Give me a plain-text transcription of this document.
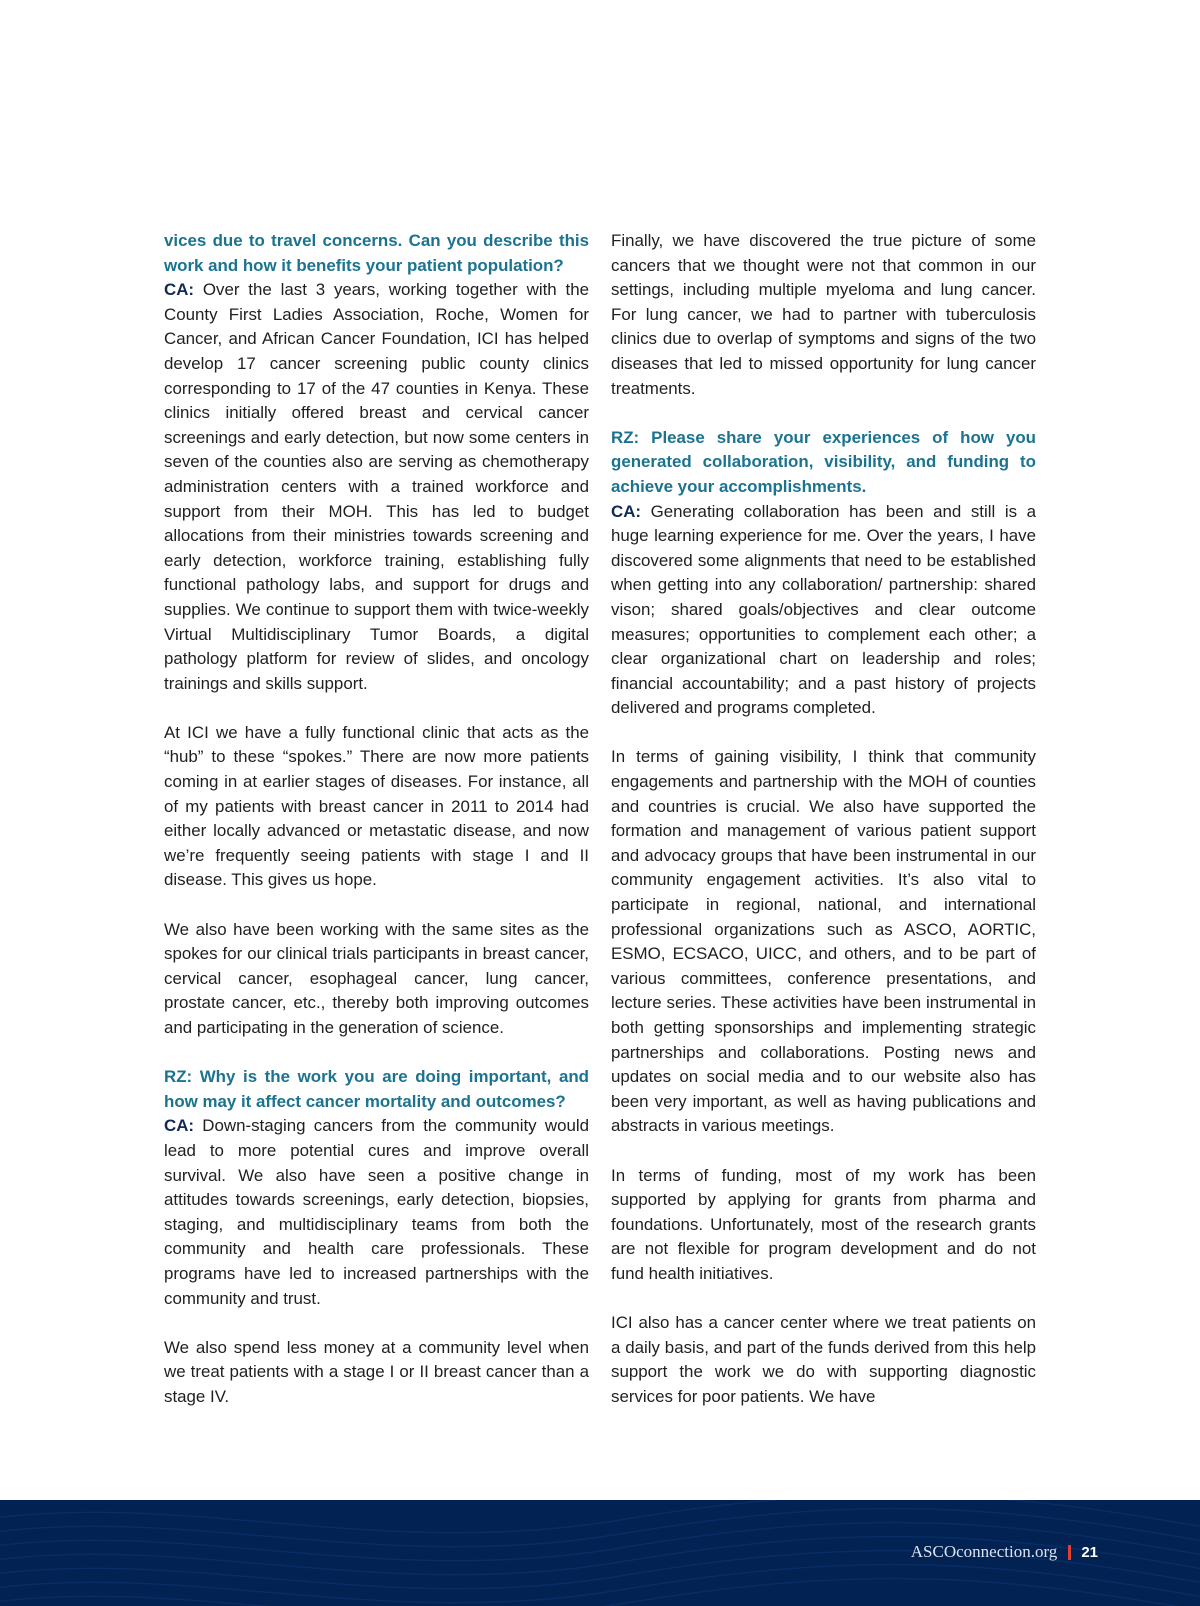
vices due to travel concerns. Can you describe this work and how it benefits your patient population?
CA: Over the last 3 years, working together with the County First Ladies Association, Roche, Women for Cancer, and African Cancer Foundation, ICI has helped develop 17 cancer screening public county clinics corresponding to 17 of the 47 counties in Kenya. These clinics initially offered breast and cervical cancer screenings and early detection, but now some centers in seven of the counties also are serving as chemotherapy administration centers with a trained workforce and support from their MOH. This has led to budget allocations from their ministries towards screening and early detection, workforce training, establishing fully functional pathology labs, and support for drugs and supplies. We continue to support them with twice-weekly Virtual Multidisciplinary Tumor Boards, a digital pathology platform for review of slides, and oncology trainings and skills support.

At ICI we have a fully functional clinic that acts as the “hub” to these “spokes.” There are now more patients coming in at earlier stages of diseases. For instance, all of my patients with breast cancer in 2011 to 2014 had either locally advanced or metastatic disease, and now we’re frequently seeing patients with stage I and II disease. This gives us hope.

We also have been working with the same sites as the spokes for our clinical trials participants in breast cancer, cervical cancer, esophageal cancer, lung cancer, prostate cancer, etc., thereby both improving outcomes and participating in the generation of science.

RZ: Why is the work you are doing important, and how may it affect cancer mortality and outcomes?
CA: Down-staging cancers from the community would lead to more potential cures and improve overall survival. We also have seen a positive change in attitudes towards screenings, early detection, biopsies, staging, and multidisciplinary teams from both the community and health care professionals. These programs have led to increased partnerships with the community and trust.

We also spend less money at a community level when we treat patients with a stage I or II breast cancer than a stage IV.

Finally, we have discovered the true picture of some cancers that we thought were not that common in our settings, including multiple myeloma and lung cancer. For lung cancer, we had to partner with tuberculosis clinics due to overlap of symptoms and signs of the two diseases that led to missed opportunity for lung cancer treatments.

RZ: Please share your experiences of how you generated collaboration, visibility, and funding to achieve your accomplishments.
CA: Generating collaboration has been and still is a huge learning experience for me. Over the years, I have discovered some alignments that need to be established when getting into any collaboration/ partnership: shared vison; shared goals/objectives and clear outcome measures; opportunities to complement each other; a clear organizational chart on leadership and roles; financial accountability; and a past history of projects delivered and programs completed.

In terms of gaining visibility, I think that community engagements and partnership with the MOH of counties and countries is crucial. We also have supported the formation and management of various patient support and advocacy groups that have been instrumental in our community engagement activities. It’s also vital to participate in regional, national, and international professional organizations such as ASCO, AORTIC, ESMO, ECSACO, UICC, and others, and to be part of various committees, conference presentations, and lecture series. These activities have been instrumental in both getting sponsorships and implementing strategic partnerships and collaborations. Posting news and updates on social media and to our website also has been very important, as well as having publications and abstracts in various meetings.

In terms of funding, most of my work has been supported by applying for grants from pharma and foundations. Unfortunately, most of the research grants are not flexible for program development and do not fund health initiatives.

ICI also has a cancer center where we treat patients on a daily basis, and part of the funds derived from this help support the work we do with supporting diagnostic services for poor patients. We have

ASCOconnection.org 21
